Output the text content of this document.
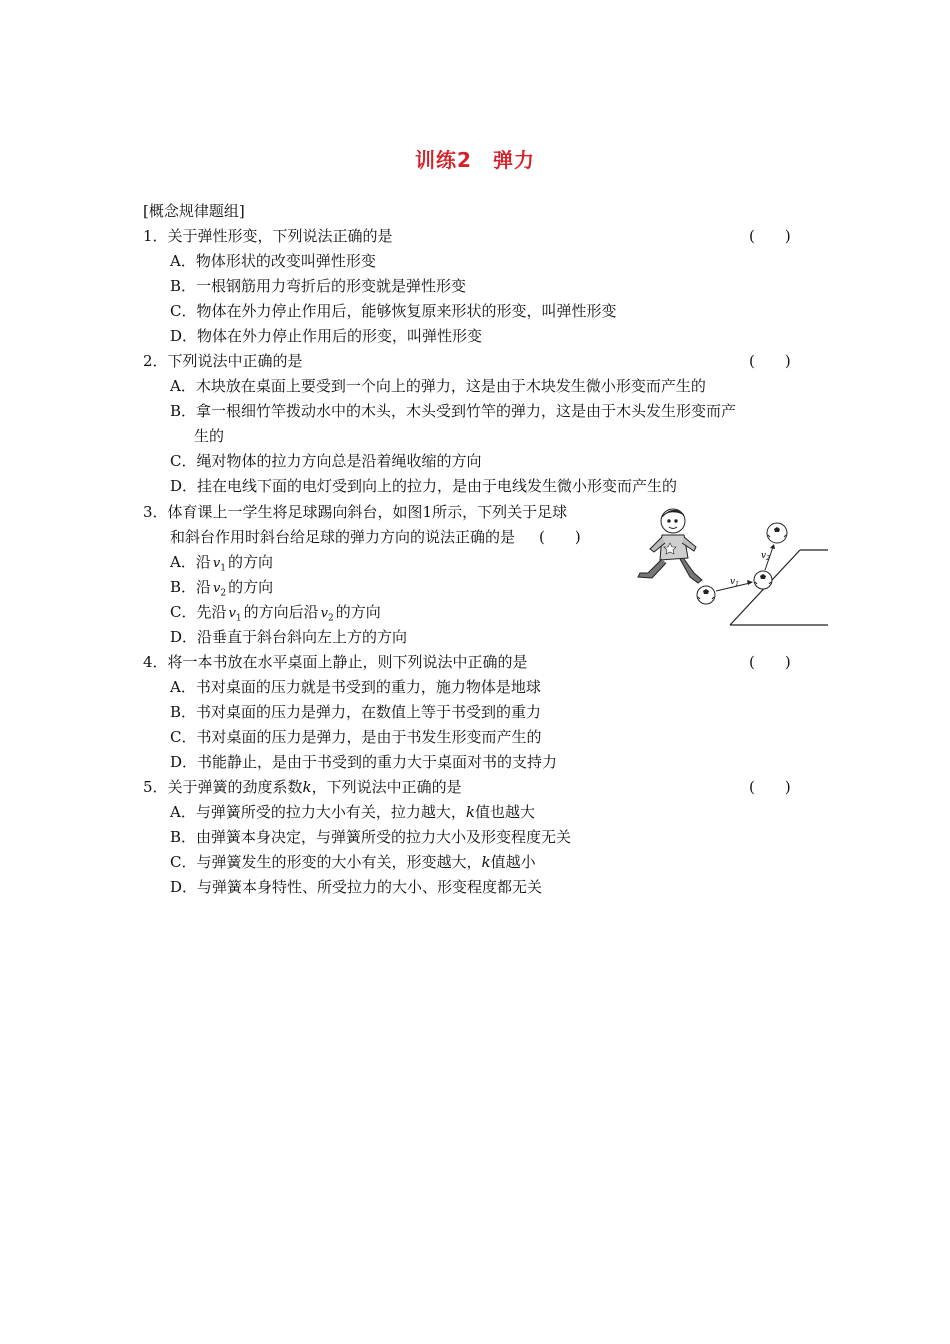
训练2　弹力
[概念规律题组]
1．关于弹性形变，下列说法正确的是	(　　)
A．物体形状的改变叫弹性形变
B．一根钢筋用力弯折后的形变就是弹性形变
C．物体在外力停止作用后，能够恢复原来形状的形变，叫弹性形变
D．物体在外力停止作用后的形变，叫弹性形变
2．下列说法中正确的是	(　　)
A．木块放在桌面上要受到一个向上的弹力，这是由于木块发生微小形变而产生的
B．拿一根细竹竿拨动水中的木头，木头受到竹竿的弹力，这是由于木头发生形变而产
生的
C．绳对物体的拉力方向总是沿着绳收缩的方向
D．挂在电线下面的电灯受到向上的拉力，是由于电线发生微小形变而产生的
3．体育课上一学生将足球踢向斜台，如图1所示，下列关于足球
和斜台作用时斜台给足球的弹力方向的说法正确的是 (　　)
A．沿 $v_1$ 的方向
B．沿 $v_2$ 的方向
C．先沿 $v_1$ 的方向后沿 $v_2$ 的方向
D．沿垂直于斜台斜向左上方的方向
$v_1$
$v_2$
4．将一本书放在水平桌面上静止，则下列说法中正确的是	(　　)
A．书对桌面的压力就是书受到的重力，施力物体是地球
B．书对桌面的压力是弹力，在数值上等于书受到的重力
C．书对桌面的压力是弹力，是由于书发生形变而产生的
D．书能静止，是由于书受到的重力大于桌面对书的支持力
5．关于弹簧的劲度系数k，下列说法中正确的是	(　　)
A．与弹簧所受的拉力大小有关，拉力越大，k值也越大
B．由弹簧本身决定，与弹簧所受的拉力大小及形变程度无关
C．与弹簧发生的形变的大小有关，形变越大，k值越小
D．与弹簧本身特性、所受拉力的大小、形变程度都无关
